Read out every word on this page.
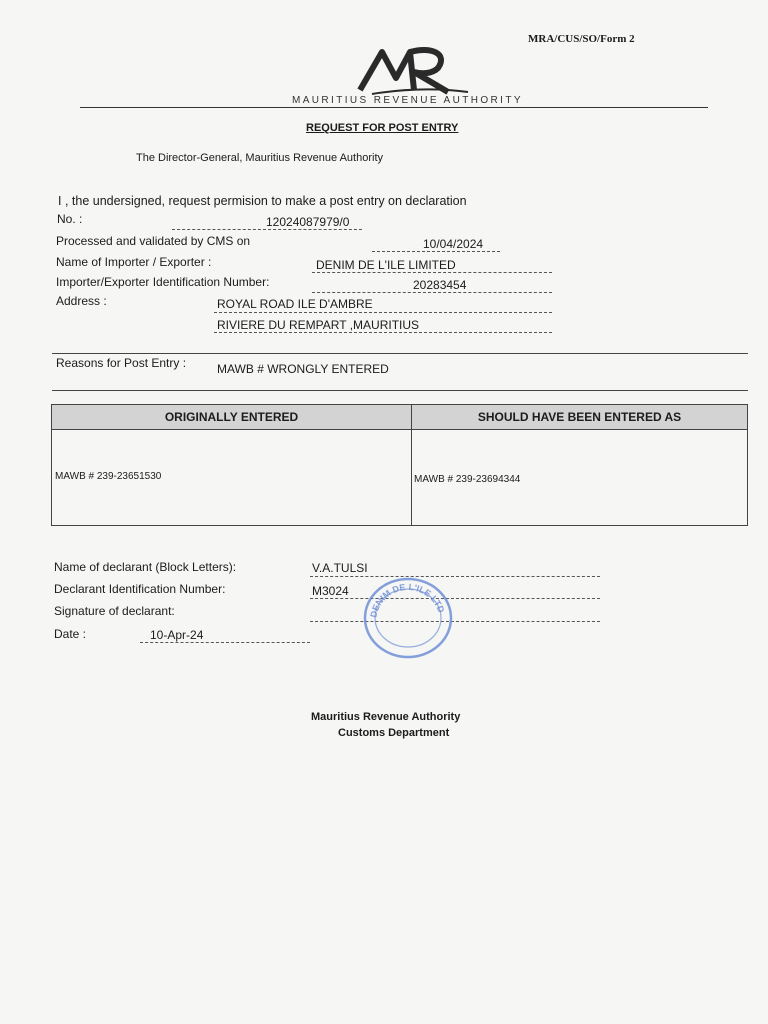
MRA/CUS/SO/Form 2
MAURITIUS REVENUE AUTHORITY
REQUEST FOR POST ENTRY
The Director-General, Mauritius Revenue Authority
I , the undersigned, request permision to make a post entry on declaration
No. :	12024087979/0
Processed and validated by CMS on	10/04/2024
Name of Importer / Exporter :	DENIM DE L'ILE LIMITED
Importer/Exporter Identification Number:	20283454
Address :	ROYAL ROAD ILE D'AMBRE
RIVIERE DU REMPART ,MAURITIUS
Reasons for Post Entry :	MAWB # WRONGLY ENTERED
ORIGINALLY ENTERED	SHOULD HAVE BEEN ENTERED AS
MAWB # 239-23651530	MAWB # 239-23694344
Name of declarant (Block Letters):	V.A.TULSI
Declarant Identification Number:	M3024
Signature of declarant:
Date :	10-Apr-24
DENIM DE L'ILE LTD
Mauritius Revenue Authority
Customs Department
